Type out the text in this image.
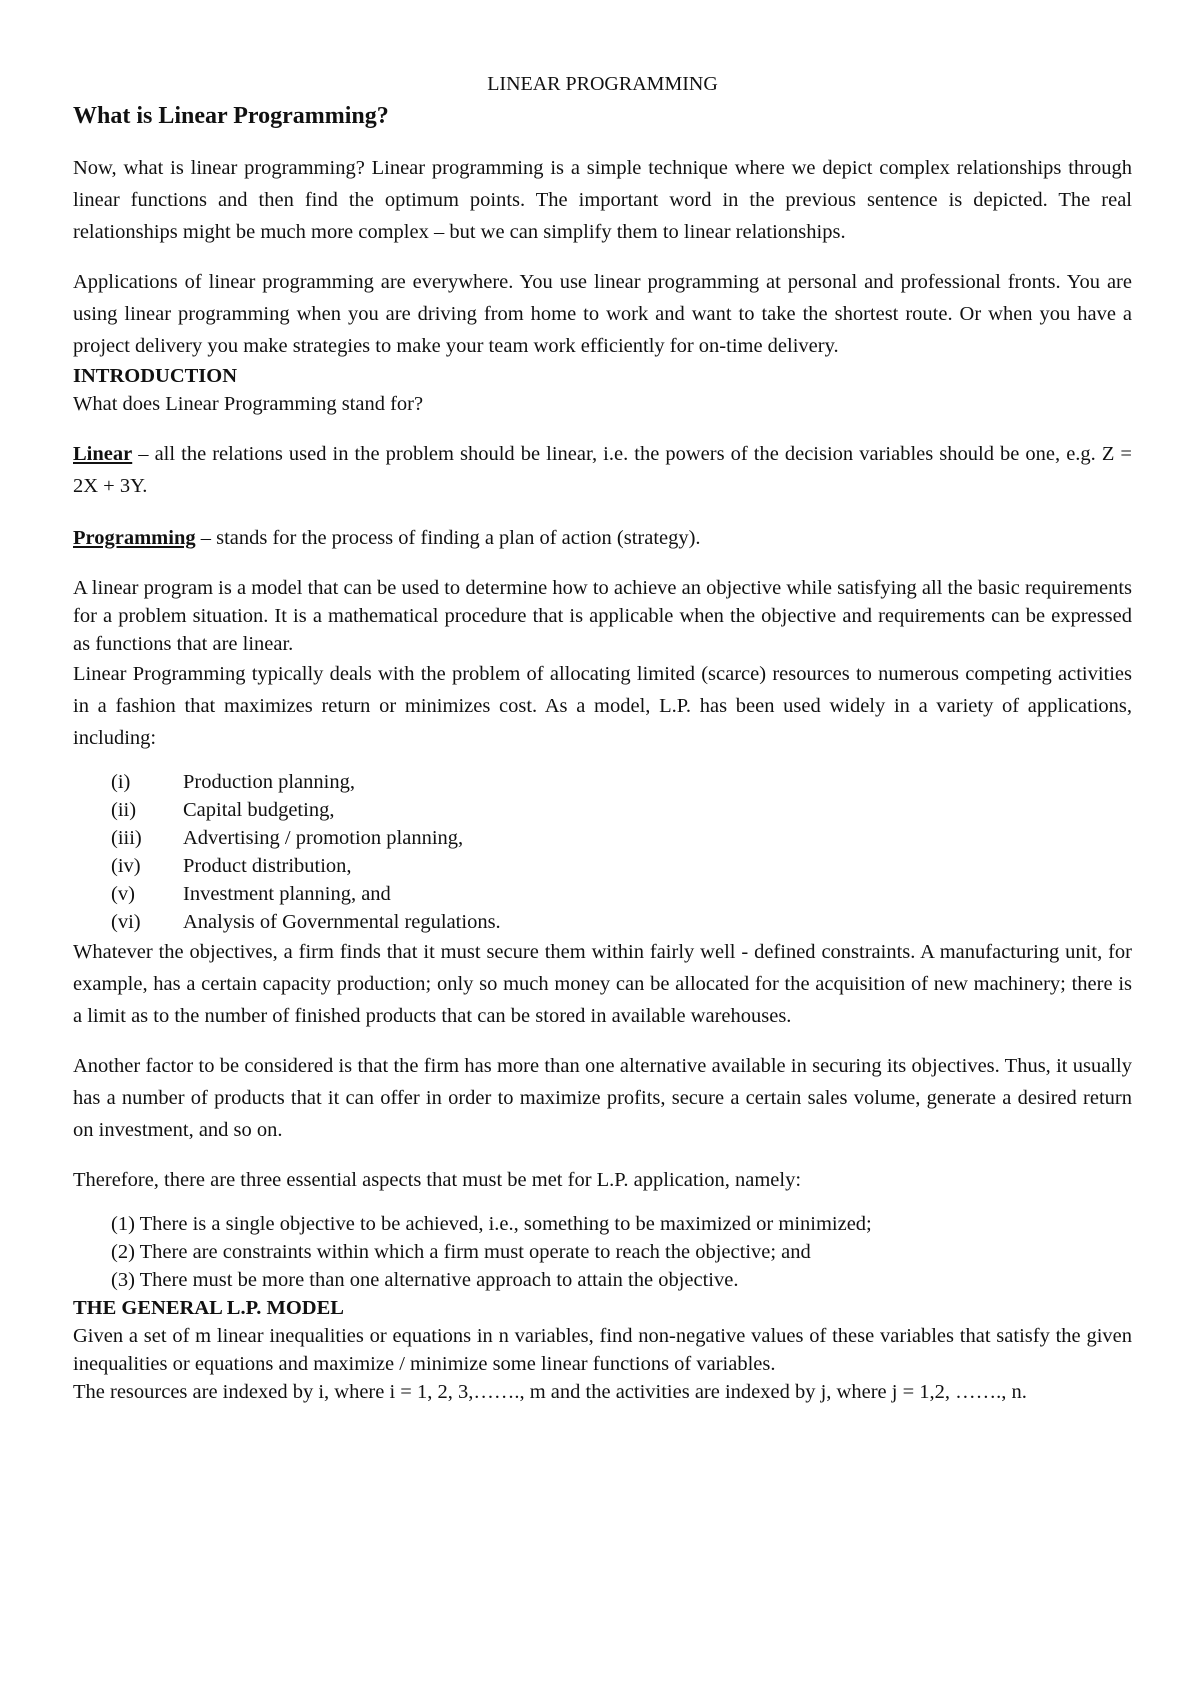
LINEAR PROGRAMMING
What is Linear Programming?

Now, what is linear programming? Linear programming is a simple technique where we depict complex relationships through linear functions and then find the optimum points. The important word in the previous sentence is depicted. The real relationships might be much more complex – but we can simplify them to linear relationships.

Applications of linear programming are everywhere. You use linear programming at personal and professional fronts. You are using linear programming when you are driving from home to work and want to take the shortest route. Or when you have a project delivery you make strategies to make your team work efficiently for on-time delivery.

INTRODUCTION

What does Linear Programming stand for?

Linear – all the relations used in the problem should be linear, i.e. the powers of the decision variables should be one, e.g. Z = 2X + 3Y.

Programming – stands for the process of finding a plan of action (strategy).

A linear program is a model that can be used to determine how to achieve an objective while satisfying all the basic requirements for a problem situation. It is a mathematical procedure that is applicable when the objective and requirements can be expressed as functions that are linear.

Linear Programming typically deals with the problem of allocating limited (scarce) resources to numerous competing activities in a fashion that maximizes return or minimizes cost. As a model, L.P. has been used widely in a variety of applications, including:

(i)	Production planning,
(ii)	Capital budgeting,
(iii)	Advertising / promotion planning,
(iv)	Product distribution,
(v)	Investment planning, and
(vi)	Analysis of Governmental regulations.

Whatever the objectives, a firm finds that it must secure them within fairly well - defined constraints. A manufacturing unit, for example, has a certain capacity production; only so much money can be allocated for the acquisition of new machinery; there is a limit as to the number of finished products that can be stored in available warehouses.

Another factor to be considered is that the firm has more than one alternative available in securing its objectives. Thus, it usually has a number of products that it can offer in order to maximize profits, secure a certain sales volume, generate a desired return on investment, and so on.

Therefore, there are three essential aspects that must be met for L.P. application, namely:

(1) There is a single objective to be achieved, i.e., something to be maximized or minimized;
(2) There are constraints within which a firm must operate to reach the objective; and
(3) There must be more than one alternative approach to attain the objective.
THE GENERAL L.P. MODEL

Given a set of m linear inequalities or equations in n variables, find non-negative values of these variables that satisfy the given inequalities or equations and maximize / minimize some linear functions of variables.

The resources are indexed by i, where i = 1, 2, 3,……., m and the activities are indexed by j, where j = 1,2, ……., n.
